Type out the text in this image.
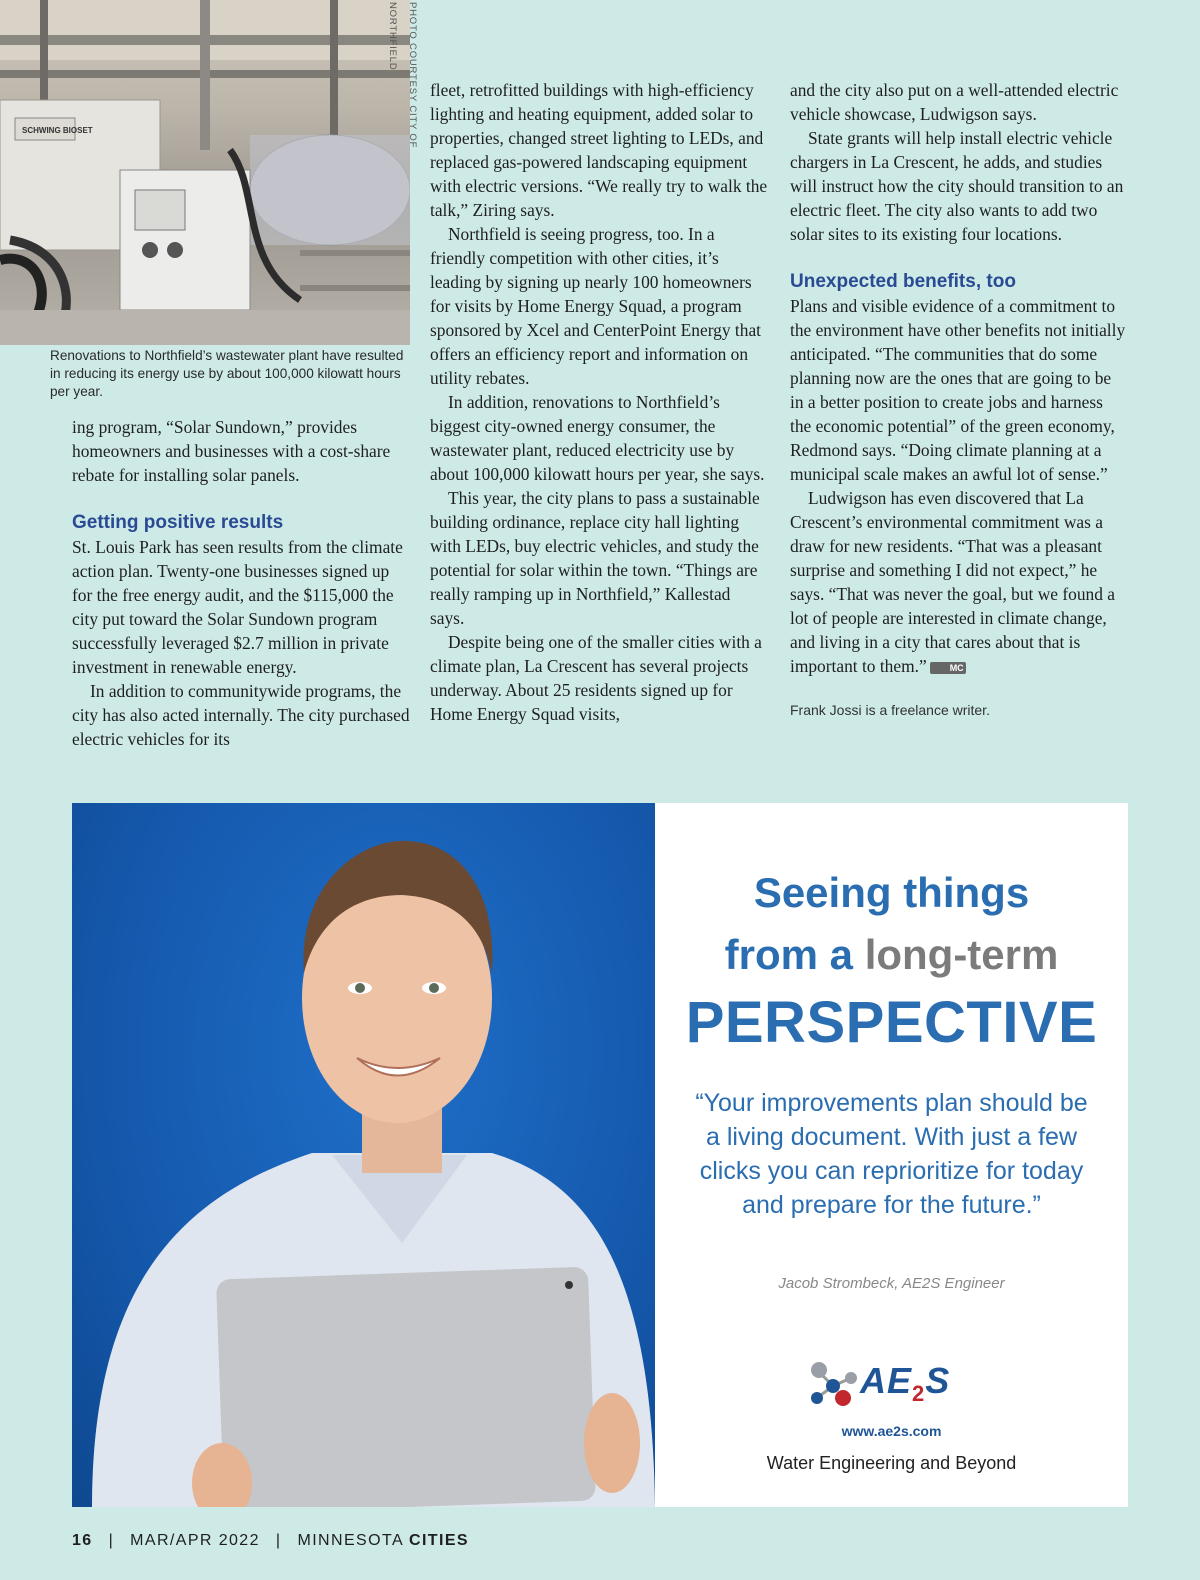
SCHWING BIOSET	PHOTO COURTESY CITY OF NORTHFIELD
Renovations to Northfield’s wastewater plant have resulted in reducing its energy use by about 100,000 kilowatt hours per year.

ing program, “Solar Sundown,” provides homeowners and businesses with a cost-share rebate for installing solar panels.

Getting positive results

St. Louis Park has seen results from the climate action plan. Twenty-one businesses signed up for the free energy audit, and the $115,000 the city put toward the Solar Sundown program successfully leveraged $2.7 million in private investment in renewable energy.

In addition to communitywide programs, the city has also acted internally. The city purchased electric vehicles for its

fleet, retrofitted buildings with high-efficiency lighting and heating equipment, added solar to properties, changed street lighting to LEDs, and replaced gas-powered landscaping equipment with electric versions. “We really try to walk the talk,” Ziring says.

Northfield is seeing progress, too. In a friendly competition with other cities, it’s leading by signing up nearly 100 homeowners for visits by Home Energy Squad, a program sponsored by Xcel and CenterPoint Energy that offers an efficiency report and information on utility rebates.

In addition, renovations to Northfield’s biggest city-owned energy consumer, the wastewater plant, reduced electricity use by about 100,000 kilowatt hours per year, she says.

This year, the city plans to pass a sustainable building ordinance, replace city hall lighting with LEDs, buy electric vehicles, and study the potential for solar within the town. “Things are really ramping up in Northfield,” Kallestad says.

Despite being one of the smaller cities with a climate plan, La Crescent has several projects underway. About 25 residents signed up for Home Energy Squad visits,

and the city also put on a well-attended electric vehicle showcase, Ludwigson says.

State grants will help install electric vehicle chargers in La Crescent, he adds, and studies will instruct how the city should transition to an electric fleet. The city also wants to add two solar sites to its existing four locations.

Unexpected benefits, too

Plans and visible evidence of a commitment to the environment have other benefits not initially anticipated. “The communities that do some planning now are the ones that are going to be in a better position to create jobs and harness the economic potential” of the green economy, Redmond says. “Doing climate planning at a municipal scale makes an awful lot of sense.”

Ludwigson has even discovered that La Crescent’s environmental commitment was a draw for new residents. “That was a pleasant surprise and something I did not expect,” he says. “That was never the goal, but we found a lot of people are interested in climate change, and living in a city that cares about that is important to them.”	MC

Frank Jossi is a freelance writer.
Seeing things
from a long-term
PERSPECTIVE
“Your improvements plan should be a living document. With just a few clicks you can reprioritize for today and prepare for the future.”
Jacob Strombeck, AE2S Engineer
$AE_2S$
www.ae2s.com
Water Engineering and Beyond
16 | MAR/APR 2022 | MINNESOTA CITIES
